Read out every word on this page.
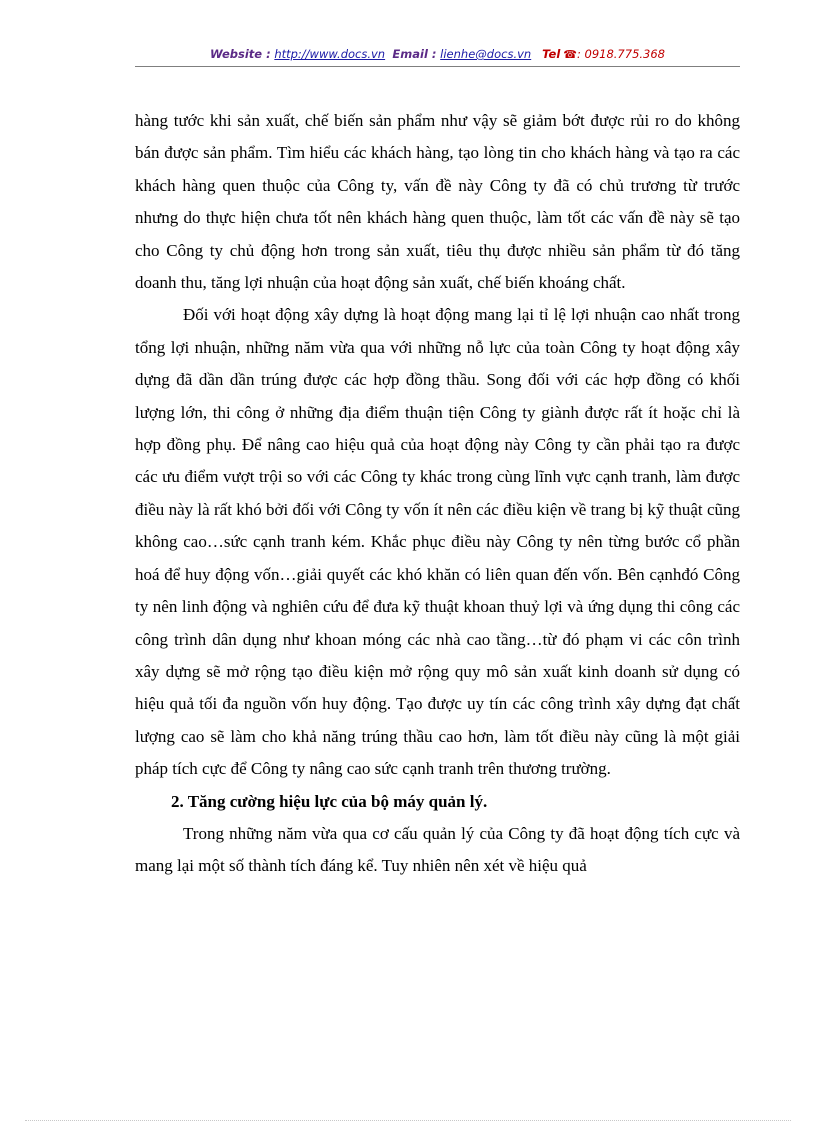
Website : http://www.docs.vn Email : lienhe@docs.vn Tel ☎: 0918.775.368

hàng tước khi sản xuất, chế biến sản phẩm như vậy sẽ giảm bớt được rủi ro do không bán được sản phẩm. Tìm hiểu các khách hàng, tạo lòng tin cho khách hàng và tạo ra các khách hàng quen thuộc của Công ty, vấn đề này Công ty đã có chủ trương từ trước nhưng do thực hiện chưa tốt nên khách hàng quen thuộc, làm tốt các vấn đề này sẽ tạo cho Công ty chủ động hơn trong sản xuất, tiêu thụ được nhiều sản phẩm từ đó tăng doanh thu, tăng lợi nhuận của hoạt động sản xuất, chế biến khoáng chất.

Đối với hoạt động xây dựng là hoạt động mang lại tỉ lệ lợi nhuận cao nhất trong tổng lợi nhuận, những năm vừa qua với những nỗ lực của toàn Công ty hoạt động xây dựng đã dần dần trúng được các hợp đồng thầu. Song đối với các hợp đồng có khối lượng lớn, thi công ở những địa điểm thuận tiện Công ty giành được rất ít hoặc chỉ là hợp đồng phụ. Để nâng cao hiệu quả của hoạt động này Công ty cần phải tạo ra được các ưu điểm vượt trội so với các Công ty khác trong cùng lĩnh vực cạnh tranh, làm được điều này là rất khó bởi đối với Công ty vốn ít nên các điều kiện về trang bị kỹ thuật cũng không cao…sức cạnh tranh kém. Khắc phục điều này Công ty nên từng bước cổ phần hoá để huy động vốn…giải quyết các khó khăn có liên quan đến vốn. Bên cạnhđó Công ty nên linh động và nghiên cứu để đưa kỹ thuật khoan thuỷ lợi và ứng dụng thi công các công trình dân dụng như khoan móng các nhà cao tầng…từ đó phạm vi các côn trình xây dựng sẽ mở rộng tạo điều kiện mở rộng quy mô sản xuất kinh doanh sử dụng có hiệu quả tối đa nguồn vốn huy động. Tạo được uy tín các công trình xây dựng đạt chất lượng cao sẽ làm cho khả năng trúng thầu cao hơn, làm tốt điều này cũng là một giải pháp tích cực để Công ty nâng cao sức cạnh tranh trên thương trường.

2. Tăng cường hiệu lực của bộ máy quản lý.

Trong những năm vừa qua cơ cấu quản lý của Công ty đã hoạt động tích cực và mang lại một số thành tích đáng kể. Tuy nhiên nên xét về hiệu quả
